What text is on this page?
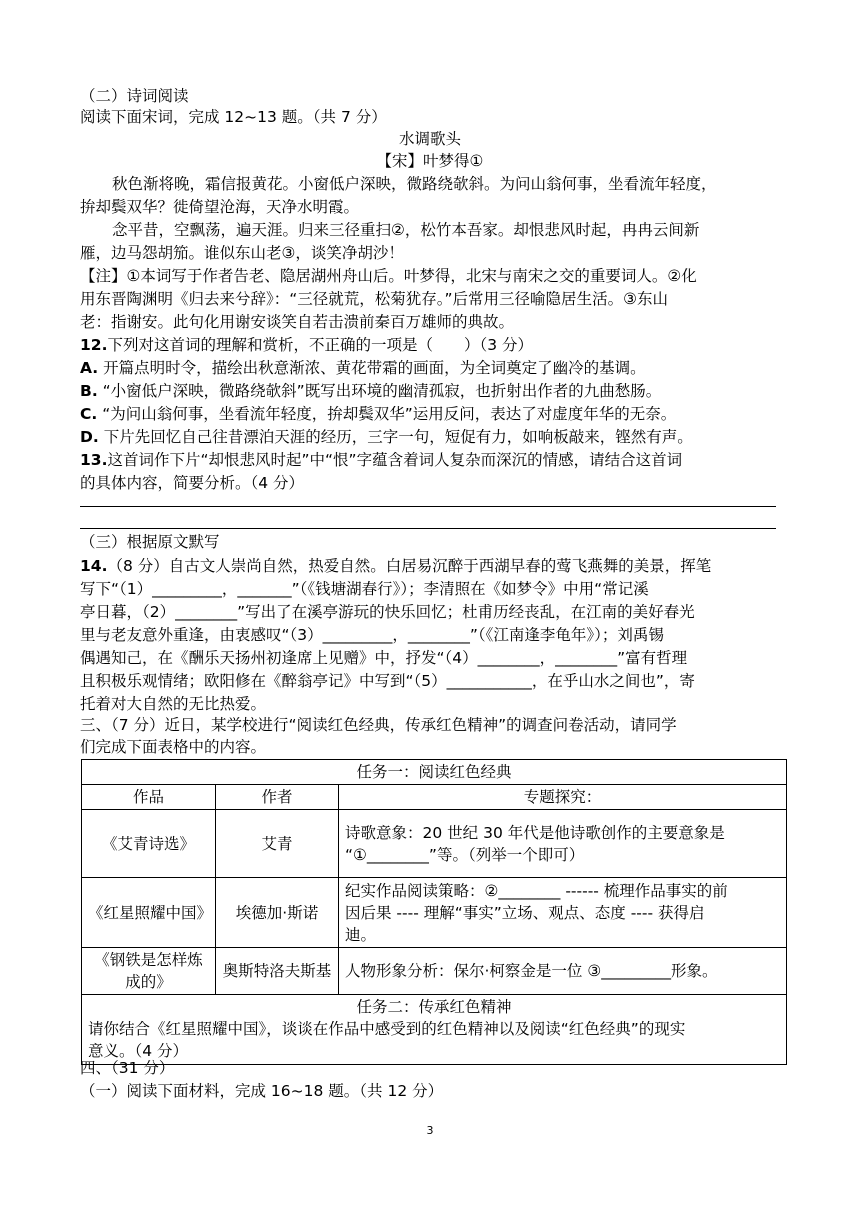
（二）诗词阅读
阅读下面宋词，完成 12~13 题。（共 7 分）
水调歌头
【宋】叶梦得①
秋色渐将晚，霜信报黄花。小窗低户深映，微路绕欹斜。为问山翁何事，坐看流年轻度，
拚却鬓双华？徙倚望沧海，天净水明霞。
念平昔，空飘荡，遍天涯。归来三径重扫②，松竹本吾家。却恨悲风时起，冉冉云间新
雁，边马怨胡笳。谁似东山老③，谈笑净胡沙！
【注】①本词写于作者告老、隐居湖州舟山后。叶梦得，北宋与南宋之交的重要词人。②化
用东晋陶渊明《归去来兮辞》：“三径就荒，松菊犹存。”后常用三径喻隐居生活。③东山
老：指谢安。此句化用谢安谈笑自若击溃前秦百万雄师的典故。
12.下列对这首词的理解和赏析，不正确的一项是（　　）（3 分）
A. 开篇点明时令，描绘出秋意渐浓、黄花带霜的画面，为全词奠定了幽冷的基调。
B. “小窗低户深映，微路绕欹斜”既写出环境的幽清孤寂，也折射出作者的九曲愁肠。
C. “为问山翁何事，坐看流年轻度，拚却鬓双华”运用反问，表达了对虚度年华的无奈。
D. 下片先回忆自己往昔漂泊天涯的经历，三字一句，短促有力，如响板敲来，铿然有声。
13.这首词作下片“却恨悲风时起”中“恨”字蕴含着词人复杂而深沉的情感，请结合这首词
的具体内容，简要分析。（4 分）
（三）根据原文默写
14.（8 分）自古文人崇尚自然，热爱自然。白居易沉醉于西湖早春的莺飞燕舞的美景，挥笔
写下“（1）_________，_______”（《钱塘湖春行》）；李清照在《如梦令》中用“常记溪
亭日暮，（2）________”写出了在溪亭游玩的快乐回忆；杜甫历经丧乱，在江南的美好春光
里与老友意外重逢，由衷感叹“（3）_________，________”（《江南逢李龟年》）；刘禹锡
偶遇知己，在《酬乐天扬州初逢席上见赠》中，抒发“（4）________，________”富有哲理
且积极乐观情绪；欧阳修在《醉翁亭记》中写到“（5）___________，在乎山水之间也”，寄
托着对大自然的无比热爱。
三、（7 分）近日，某学校进行“阅读红色经典，传承红色精神”的调查问卷活动，请同学
们完成下面表格中的内容。
任务一：阅读红色经典		
作品	作者	专题探究：
《艾青诗选》	艾青	诗歌意象：20 世纪 30 年代是他诗歌创作的主要意象是
“①________”等。（列举一个即可）

《红星照耀中国》	埃德加·斯诺	纪实作品阅读策略：②________ ------ 梳理作品事实的前
因后果 ---- 理解“事实”立场、观点、态度 ---- 获得启
迪。

《钢铁是怎样炼成的》	奥斯特洛夫斯基	人物形象分析：保尔·柯察金是一位 ③_________形象。

任务二：传承红色精神
请你结合《红星照耀中国》，谈谈在作品中感受到的红色精神以及阅读“红色经典”的现实
意义。（4 分）		
四、（31 分）
（一）阅读下面材料，完成 16~18 题。（共 12 分）
3
